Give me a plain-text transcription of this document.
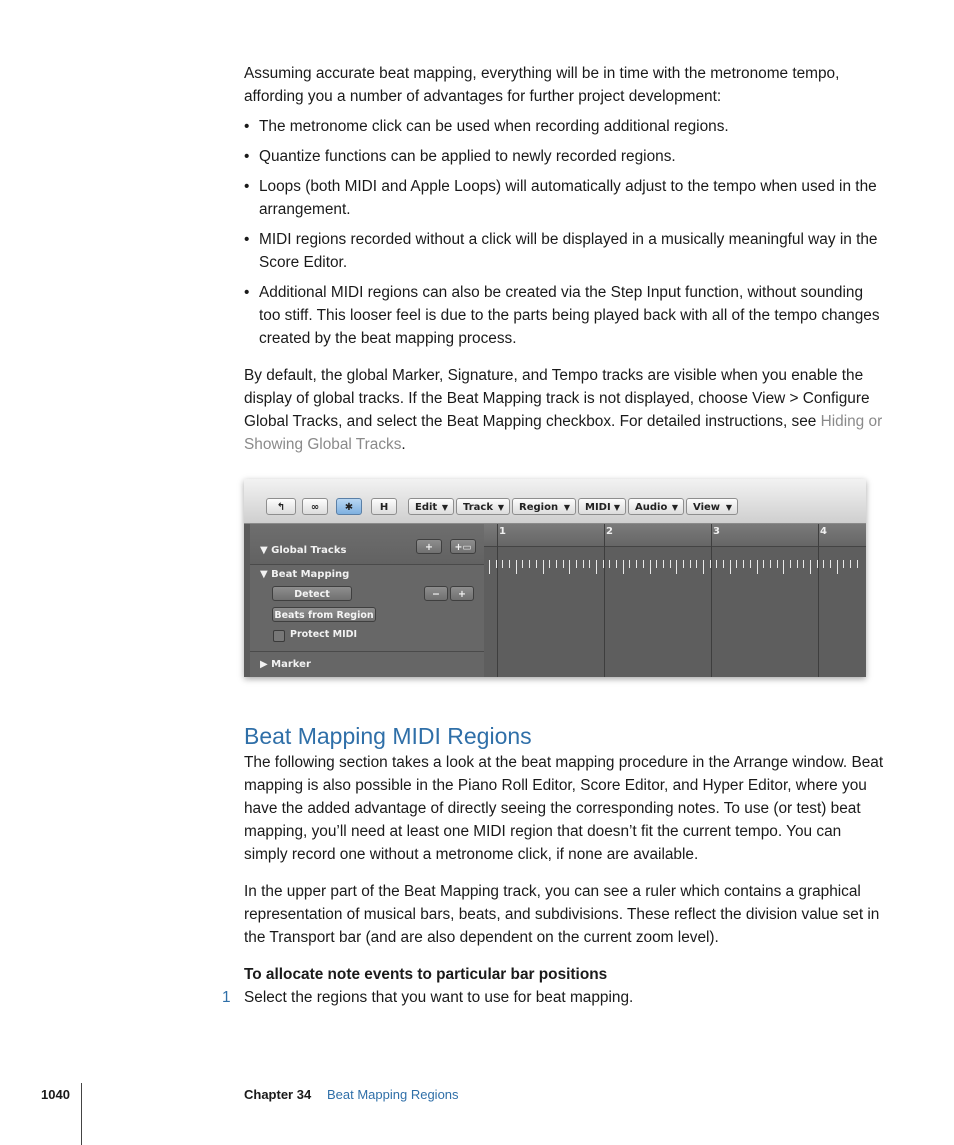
Assuming accurate beat mapping, everything will be in time with the metronome tempo, affording you a number of advantages for further project development:

• The metronome click can be used when recording additional regions.
• Quantize functions can be applied to newly recorded regions.
• Loops (both MIDI and Apple Loops) will automatically adjust to the tempo when used in the arrangement.
• MIDI regions recorded without a click will be displayed in a musically meaningful way in the Score Editor.
• Additional MIDI regions can also be created via the Step Input function, without sounding too stiff. This looser feel is due to the parts being played back with all of the tempo changes created by the beat mapping process.

By default, the global Marker, Signature, and Tempo tracks are visible when you enable the display of global tracks. If the Beat Mapping track is not displayed, choose View > Configure Global Tracks, and select the Beat Mapping checkbox. For detailed instructions, see Hiding or Showing Global Tracks.

↰	∞	✱	H	Edit ▼	Track ▼	Region ▼	MIDI ▼	Audio ▼	View ▼
▼ Global Tracks	+	+▭
▼ Beat Mapping
Detect
Beats from Region
−	+
Protect MIDI
▶ Marker
1	2	3	4
Beat Mapping MIDI Regions

The following section takes a look at the beat mapping procedure in the Arrange window. Beat mapping is also possible in the Piano Roll Editor, Score Editor, and Hyper Editor, where you have the added advantage of directly seeing the corresponding notes. To use (or test) beat mapping, you’ll need at least one MIDI region that doesn’t fit the current tempo. You can simply record one without a metronome click, if none are available.

In the upper part of the Beat Mapping track, you can see a ruler which contains a graphical representation of musical bars, beats, and subdivisions. These reflect the division value set in the Transport bar (and are also dependent on the current zoom level).

To allocate note events to particular bar positions
1 Select the regions that you want to use for beat mapping.
1040	Chapter 34 Beat Mapping Regions
